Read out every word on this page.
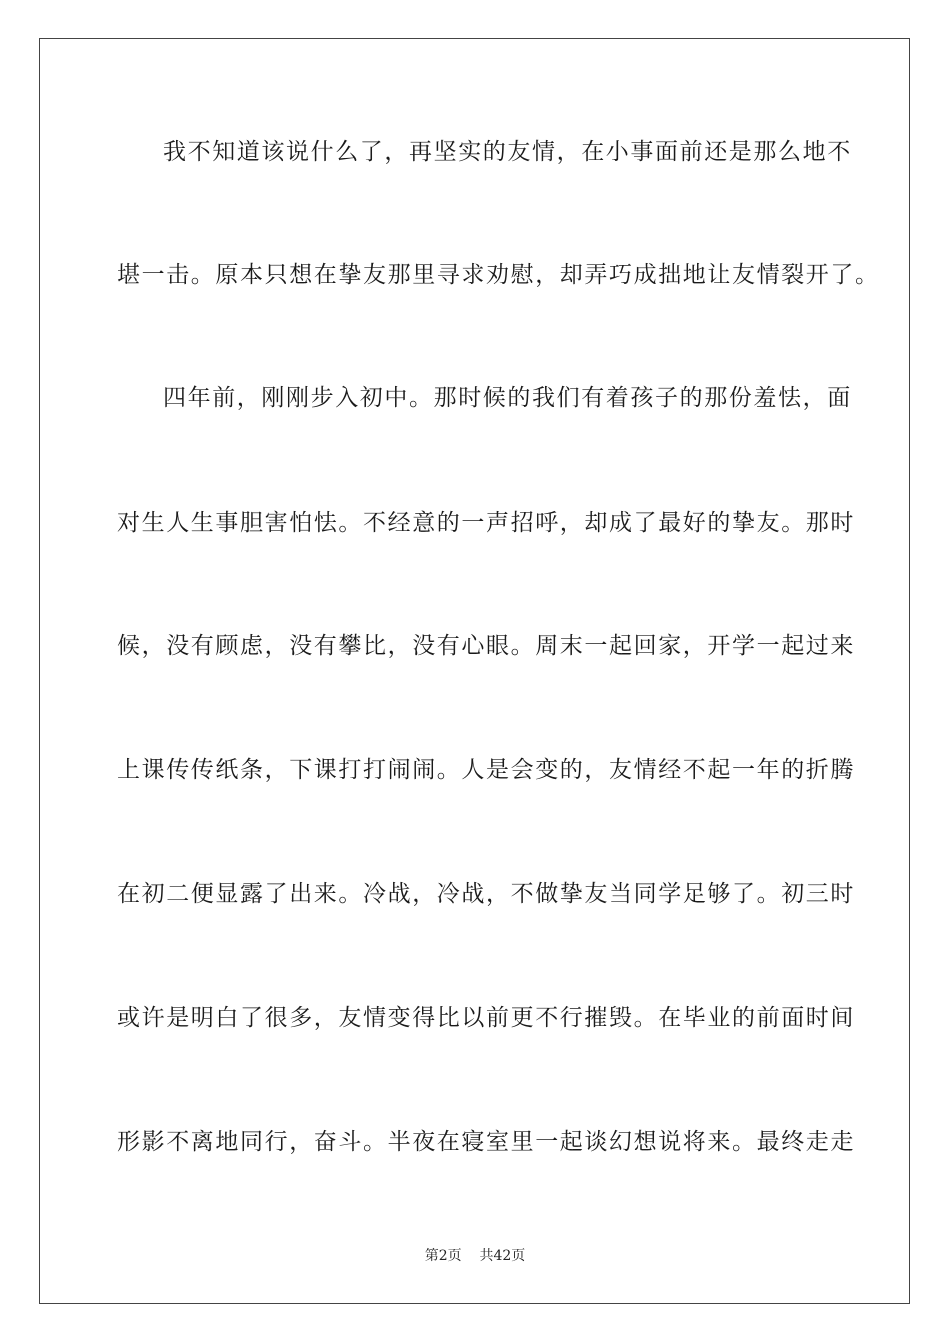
我不知道该说什么了，再坚实的友情，在小事面前还是那么地不
堪一击。原本只想在挚友那里寻求劝慰，却弄巧成拙地让友情裂开了。
四年前，刚刚步入初中。那时候的我们有着孩子的那份羞怯，面
对生人生事胆害怕怯。不经意的一声招呼，却成了最好的挚友。那时
候，没有顾虑，没有攀比，没有心眼。周末一起回家，开学一起过来
上课传传纸条，下课打打闹闹。人是会变的，友情经不起一年的折腾
在初二便显露了出来。冷战，冷战，不做挚友当同学足够了。初三时
或许是明白了很多，友情变得比以前更不行摧毁。在毕业的前面时间
形影不离地同行，奋斗。半夜在寝室里一起谈幻想说将来。最终走走
第2页 共42页
